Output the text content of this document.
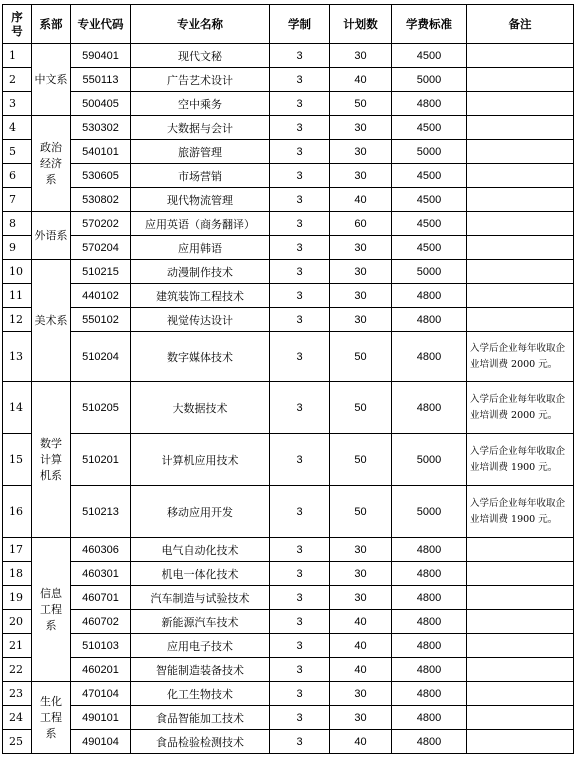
序号	系部	专业代码	专业名称	学制	计划数	学费标准	备注
1	中文系	590401	现代文秘	3	30	4500	
2		550113	广告艺术设计	3	40	5000	
3		500405	空中乘务	3	50	4800	
4	政治经济系	530302	大数据与会计	3	30	4500	
5		540101	旅游管理	3	30	5000	
6		530605	市场营销	3	30	4500	
7		530802	现代物流管理	3	40	4500	
8	外语系	570202	应用英语（商务翻译）	3	60	4500	
9		570204	应用韩语	3	30	4500	
10	美术系	510215	动漫制作技术	3	30	5000	
11		440102	建筑装饰工程技术	3	30	4800	
12		550102	视觉传达设计	3	30	4800	
13		510204	数字媒体技术	3	50	4800	入学后企业每年收取企业培训费 2000 元。
14	数学计算机系	510205	大数据技术	3	50	4800	入学后企业每年收取企业培训费 2000 元。
15		510201	计算机应用技术	3	50	5000	入学后企业每年收取企业培训费 1900 元。
16		510213	移动应用开发	3	50	5000	入学后企业每年收取企业培训费 1900 元。
17	信息工程系	460306	电气自动化技术	3	30	4800	
18		460301	机电一体化技术	3	30	4800	
19		460701	汽车制造与试验技术	3	30	4800	
20		460702	新能源汽车技术	3	40	4800	
21		510103	应用电子技术	3	40	4800	
22		460201	智能制造装备技术	3	40	4800	
23	生化工程系	470104	化工生物技术	3	30	4800	
24		490101	食品智能加工技术	3	30	4800	
25		490104	食品检验检测技术	3	40	4800	
